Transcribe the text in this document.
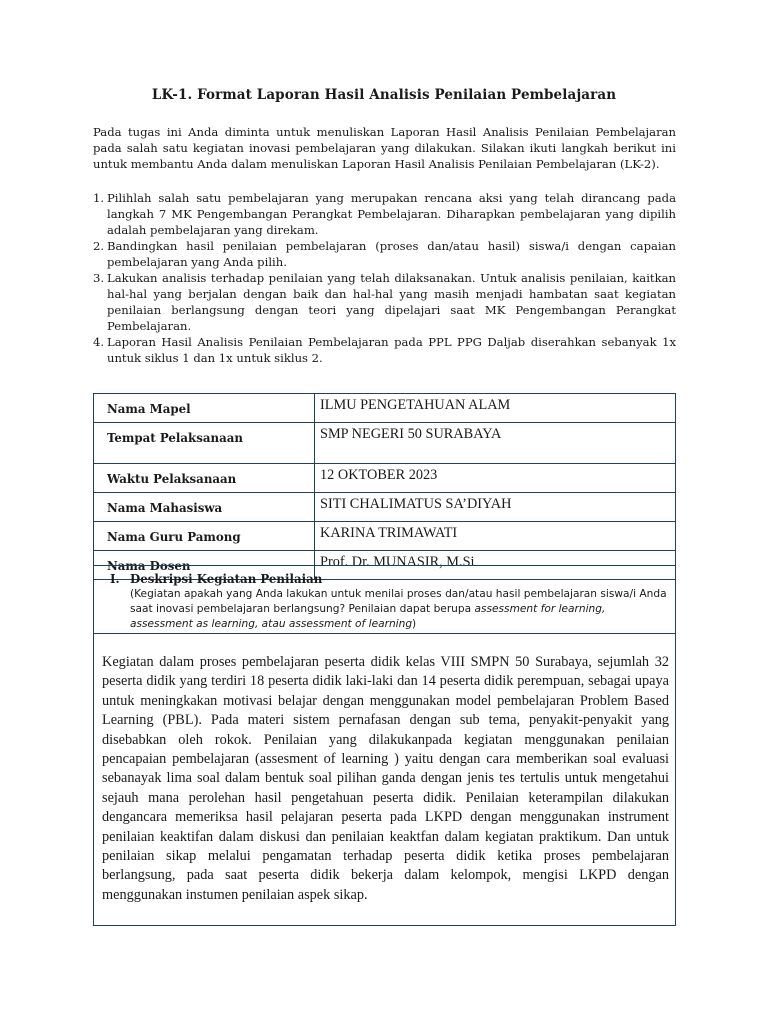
LK-1. Format Laporan Hasil Analisis Penilaian Pembelajaran

Pada tugas ini Anda diminta untuk menuliskan Laporan Hasil Analisis Penilaian Pembelajaran pada salah satu kegiatan inovasi pembelajaran yang dilakukan. Silakan ikuti langkah berikut ini untuk membantu Anda dalam menuliskan Laporan Hasil Analisis Penilaian Pembelajaran (LK-2).

1. Pilihlah salah satu pembelajaran yang merupakan rencana aksi yang telah dirancang pada langkah 7 MK Pengembangan Perangkat Pembelajaran. Diharapkan pembelajaran yang dipilih adalah pembelajaran yang direkam.
2. Bandingkan hasil penilaian pembelajaran (proses dan/atau hasil) siswa/i dengan capaian pembelajaran yang Anda pilih.
3. Lakukan analisis terhadap penilaian yang telah dilaksanakan. Untuk analisis penilaian, kaitkan hal-hal yang berjalan dengan baik dan hal-hal yang masih menjadi hambatan saat kegiatan penilaian berlangsung dengan teori yang dipelajari saat MK Pengembangan Perangkat Pembelajaran.
4. Laporan Hasil Analisis Penilaian Pembelajaran pada PPL PPG Daljab diserahkan sebanyak 1x untuk siklus 1 dan 1x untuk siklus 2.
Nama Mapel	ILMU PENGETAHUAN ALAM
Tempat Pelaksanaan	SMP NEGERI 50 SURABAYA
Waktu Pelaksanaan	12 OKTOBER 2023
Nama Mahasiswa	SITI CHALIMATUS SA’DIYAH
Nama Guru Pamong	KARINA TRIMAWATI
Nama Dosen	Prof. Dr. MUNASIR, M.Si
I. Deskripsi Kegiatan Penilaian
(Kegiatan apakah yang Anda lakukan untuk menilai proses dan/atau hasil pembelajaran siswa/i Anda saat inovasi pembelajaran berlangsung? Penilaian dapat berupa assessment for learning, assessment as learning, atau assessment of learning)

Kegiatan dalam proses pembelajaran peserta didik kelas VIII SMPN 50 Surabaya, sejumlah 32 peserta didik yang terdiri 18 peserta didik laki-laki dan 14 peserta didik perempuan, sebagai upaya untuk meningkakan motivasi belajar dengan menggunakan model pembelajaran Problem Based Learning (PBL). Pada materi sistem pernafasan dengan sub tema, penyakit-penyakit yang disebabkan oleh rokok. Penilaian yang dilakukanpada kegiatan menggunakan penilaian pencapaian pembelajaran (assesment of learning ) yaitu dengan cara memberikan soal evaluasi sebanayak lima soal dalam bentuk soal pilihan ganda dengan jenis tes tertulis untuk mengetahui sejauh mana perolehan hasil pengetahuan peserta didik. Penilaian keterampilan dilakukan dengancara memeriksa hasil pelajaran peserta pada LKPD dengan menggunakan instrument penilaian keaktifan dalam diskusi dan penilaian keaktfan dalam kegiatan praktikum. Dan untuk penilaian sikap melalui pengamatan terhadap peserta didik ketika proses pembelajaran berlangsung, pada saat peserta didik bekerja dalam kelompok, mengisi LKPD dengan menggunakan instumen penilaian aspek sikap.
